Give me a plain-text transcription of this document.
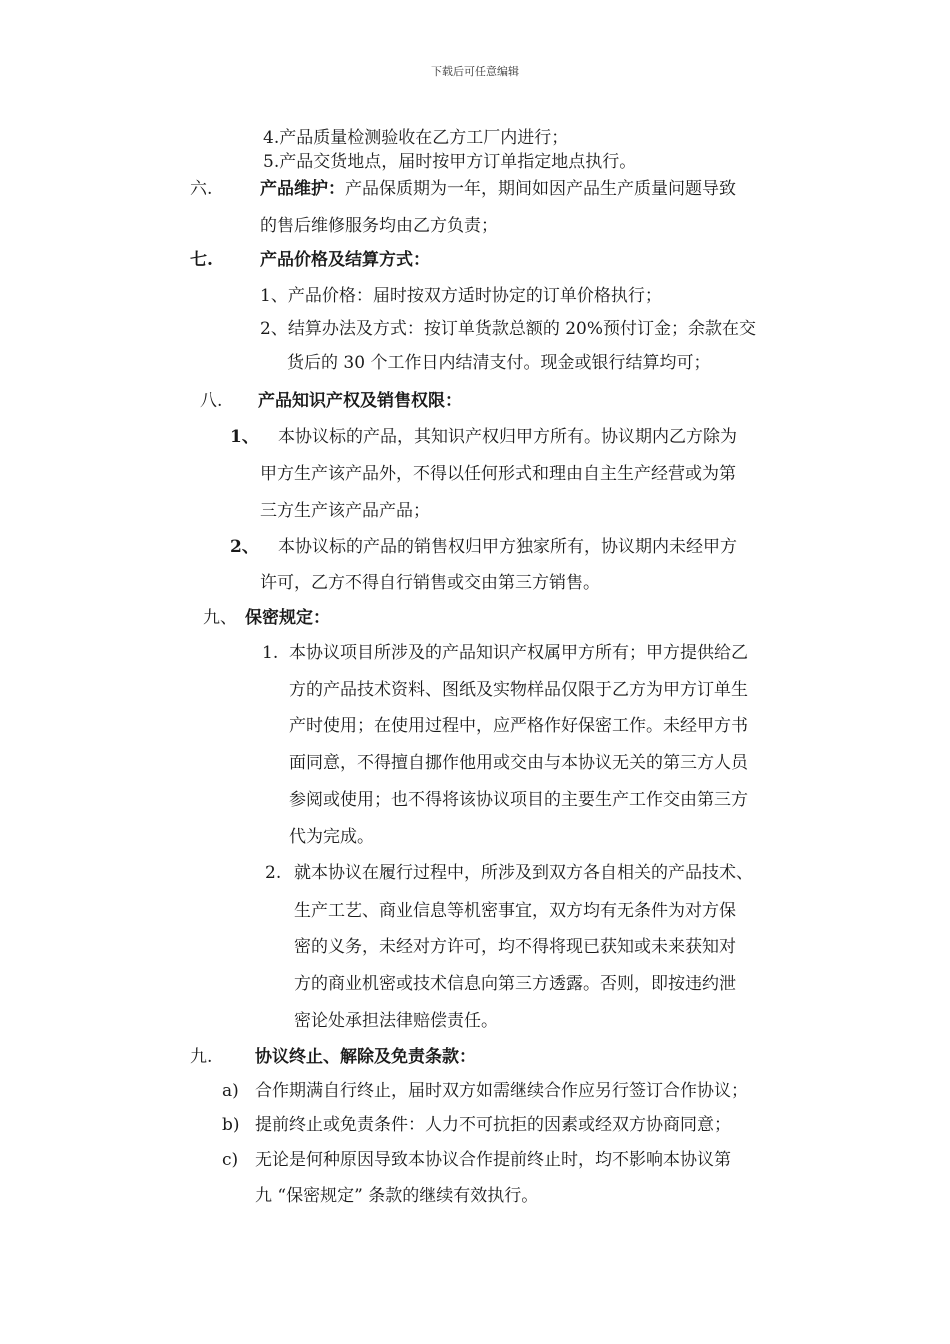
下载后可任意编辑

4.产品质量检测验收在乙方工厂内进行；

5.产品交货地点，届时按甲方订单指定地点执行。

六.	产品维护：产品保质期为一年，期间如因产品生产质量问题导致

的售后维修服务均由乙方负责；

七.	产品价格及结算方式：

1、产品价格：届时按双方适时协定的订单价格执行；

2、结算办法及方式：按订单货款总额的 20%预付订金；余款在交

货后的 30 个工作日内结清支付。现金或银行结算均可；

八. 产品知识产权及销售权限：

1、 本协议标的产品，其知识产权归甲方所有。协议期内乙方除为

甲方生产该产品外，不得以任何形式和理由自主生产经营或为第

三方生产该产品产品；

2、 本协议标的产品的销售权归甲方独家所有，协议期内未经甲方

许可，乙方不得自行销售或交由第三方销售。

九、 保密规定：

1. 本协议项目所涉及的产品知识产权属甲方所有；甲方提供给乙

方的产品技术资料、图纸及实物样品仅限于乙方为甲方订单生

产时使用；在使用过程中，应严格作好保密工作。未经甲方书

面同意，不得擅自挪作他用或交由与本协议无关的第三方人员

参阅或使用；也不得将该协议项目的主要生产工作交由第三方

代为完成。

2. 就本协议在履行过程中，所涉及到双方各自相关的产品技术、

生产工艺、商业信息等机密事宜，双方均有无条件为对方保

密的义务，未经对方许可，均不得将现已获知或未来获知对

方的商业机密或技术信息向第三方透露。否则，即按违约泄

密论处承担法律赔偿责任。

九.	协议终止、解除及免责条款：

a) 合作期满自行终止，届时双方如需继续合作应另行签订合作协议；

b) 提前终止或免责条件：人力不可抗拒的因素或经双方协商同意；

c) 无论是何种原因导致本协议合作提前终止时，均不影响本协议第

九 “保密规定” 条款的继续有效执行。
